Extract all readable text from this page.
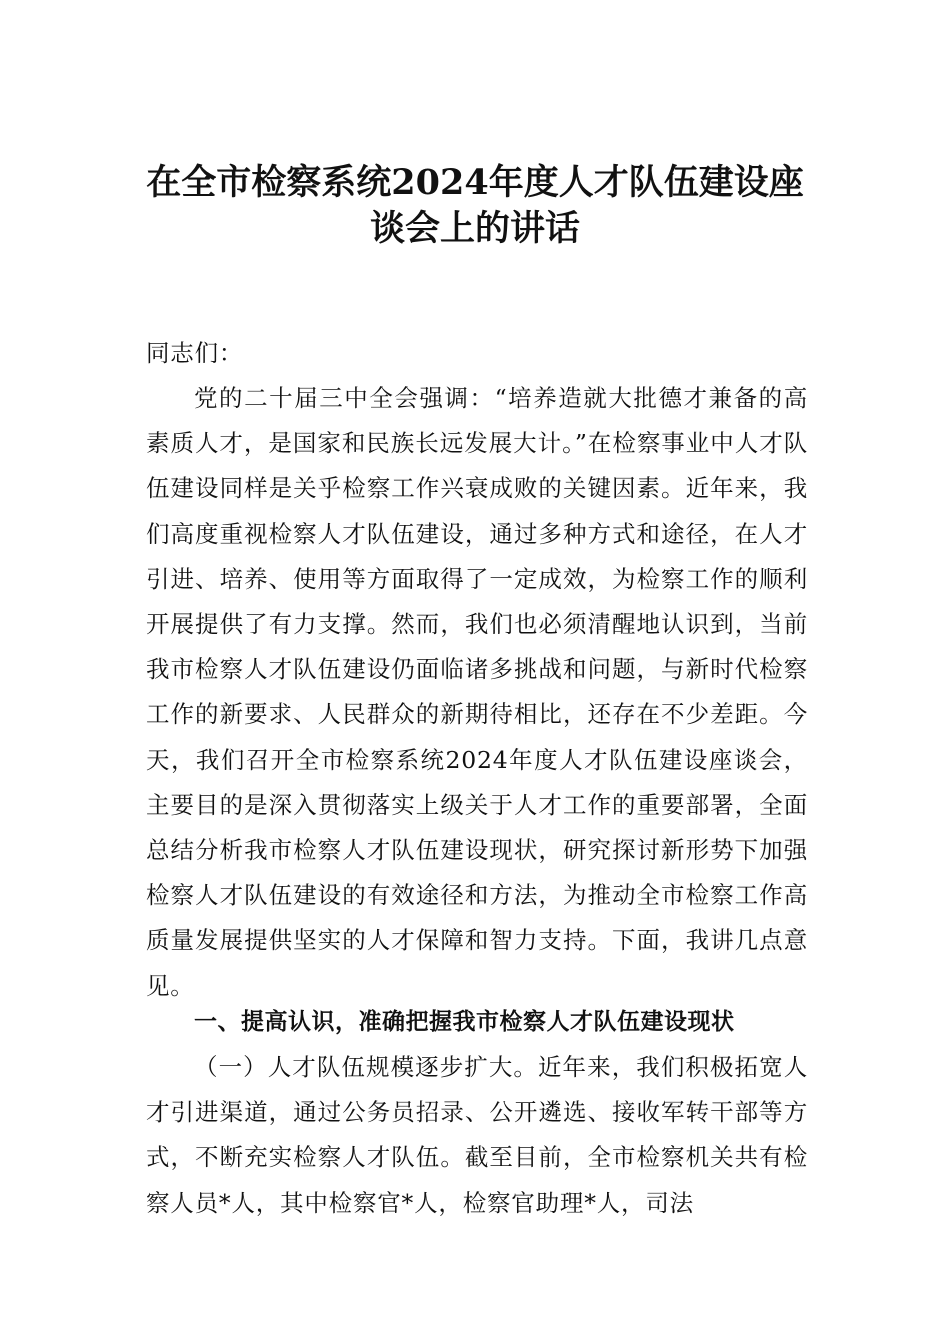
在全市检察系统2024年度人才队伍建设座
谈会上的讲话
同志们：
党的二十届三中全会强调：“培养造就大批德才兼备的高素质人才，是国家和民族长远发展大计。”在检察事业中人才队伍建设同样是关乎检察工作兴衰成败的关键因素。近年来，我们高度重视检察人才队伍建设，通过多种方式和途径，在人才引进、培养、使用等方面取得了一定成效，为检察工作的顺利开展提供了有力支撑。然而，我们也必须清醒地认识到，当前我市检察人才队伍建设仍面临诸多挑战和问题，与新时代检察工作的新要求、人民群众的新期待相比，还存在不少差距。今天，我们召开全市检察系统2024年度人才队伍建设座谈会，主要目的是深入贯彻落实上级关于人才工作的重要部署，全面总结分析我市检察人才队伍建设现状，研究探讨新形势下加强检察人才队伍建设的有效途径和方法，为推动全市检察工作高质量发展提供坚实的人才保障和智力支持。下面，我讲几点意见。
一、提高认识，准确把握我市检察人才队伍建设现状
（一）人才队伍规模逐步扩大。近年来，我们积极拓宽人才引进渠道，通过公务员招录、公开遴选、接收军转干部等方式，不断充实检察人才队伍。截至目前，全市检察机关共有检察人员*人，其中检察官*人，检察官助理*人，司法
